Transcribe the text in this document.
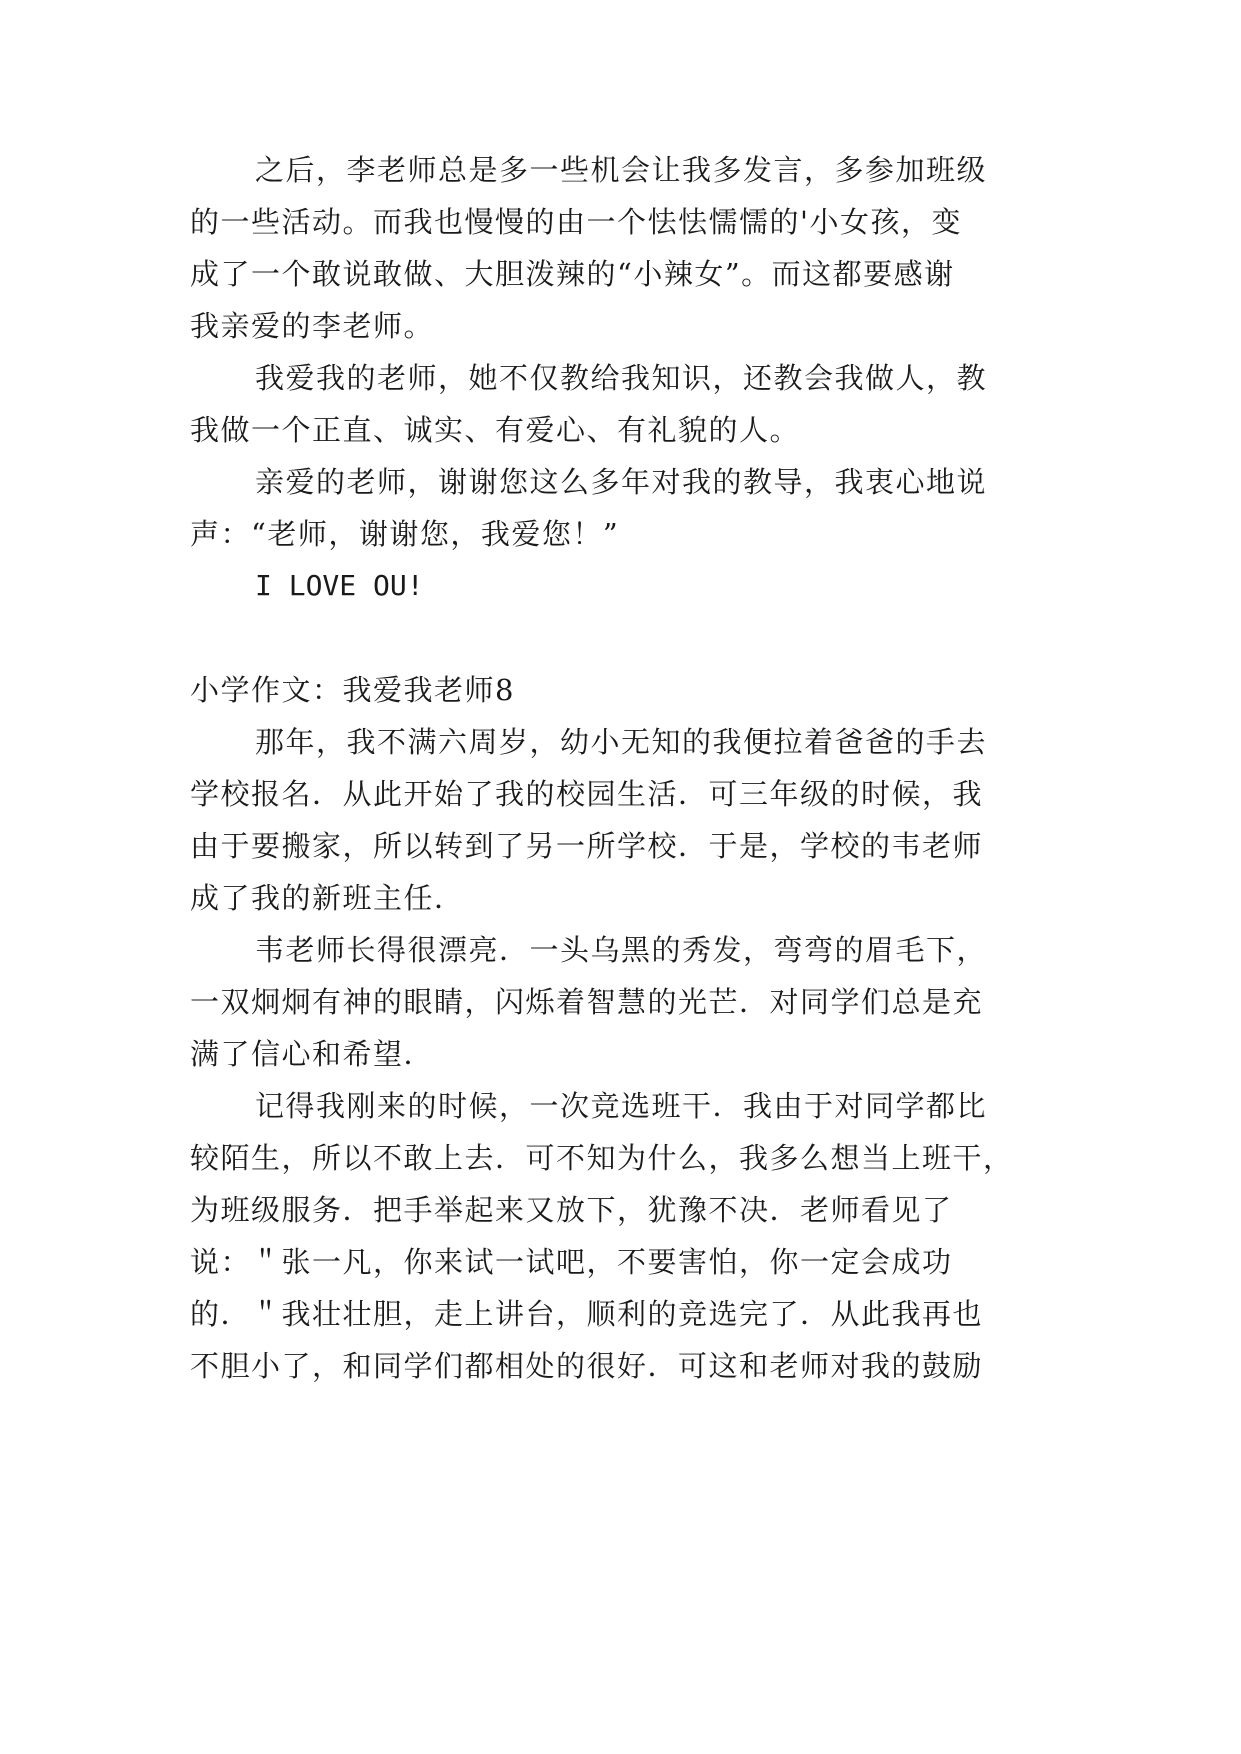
之后，李老师总是多一些机会让我多发言，多参加班级
的一些活动。而我也慢慢的由一个怯怯懦懦的'小女孩，变
成了一个敢说敢做、大胆泼辣的“小辣女”。而这都要感谢
我亲爱的李老师。
我爱我的老师，她不仅教给我知识，还教会我做人，教
我做一个正直、诚实、有爱心、有礼貌的人。
亲爱的老师，谢谢您这么多年对我的教导，我衷心地说
声：“老师，谢谢您，我爱您！”
I LOVE OU!
小学作文：我爱我老师8
那年，我不满六周岁，幼小无知的我便拉着爸爸的手去
学校报名．从此开始了我的校园生活．可三年级的时候，我
由于要搬家，所以转到了另一所学校．于是，学校的韦老师
成了我的新班主任．
韦老师长得很漂亮．一头乌黑的秀发，弯弯的眉毛下，
一双炯炯有神的眼睛，闪烁着智慧的光芒．对同学们总是充
满了信心和希望．
记得我刚来的时候，一次竞选班干．我由于对同学都比
较陌生，所以不敢上去．可不知为什么，我多么想当上班干，
为班级服务．把手举起来又放下，犹豫不决．老师看见了
说：＂张一凡，你来试一试吧，不要害怕，你一定会成功
的．＂我壮壮胆，走上讲台，顺利的竞选完了．从此我再也
不胆小了，和同学们都相处的很好．可这和老师对我的鼓励
